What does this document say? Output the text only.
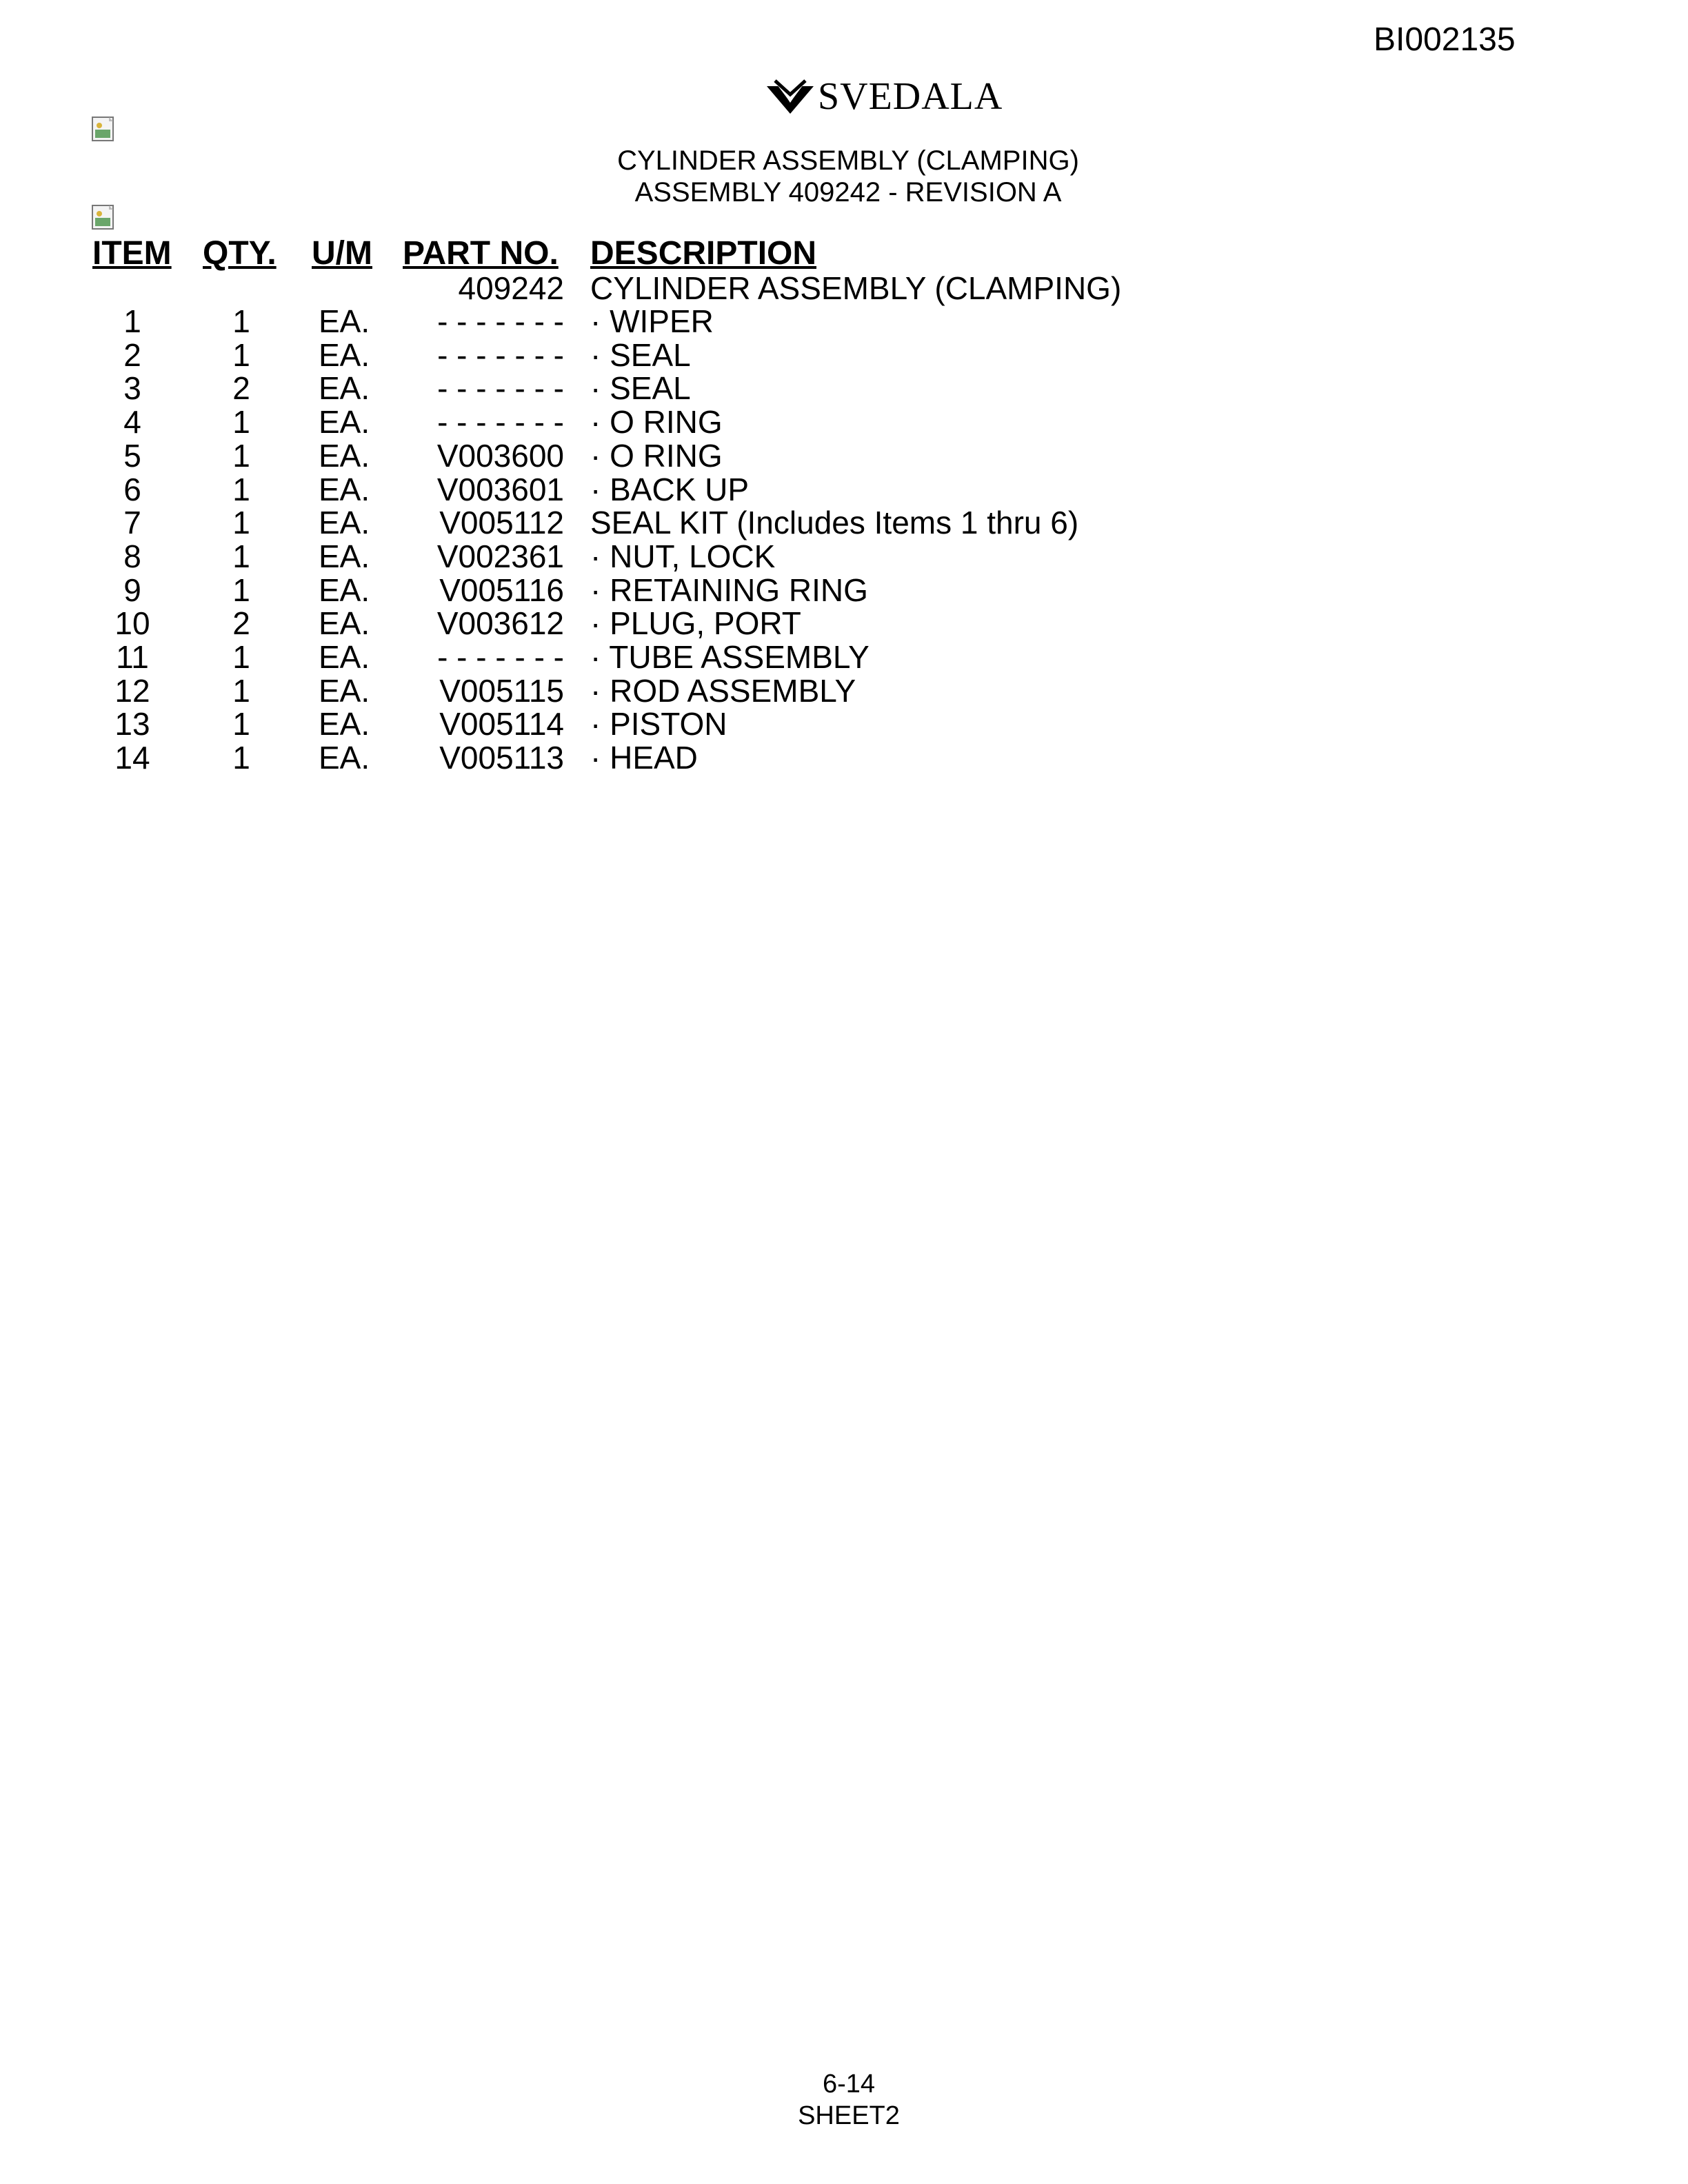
BI002135
SVEDALA
CYLINDER ASSEMBLY (CLAMPING)
ASSEMBLY 409242 - REVISION A
ITEM QTY. U/M PART NO. DESCRIPTION
409242 CYLINDER ASSEMBLY (CLAMPING)
1	1	EA.	- - - - - - - · WIPER
2	1	EA.	- - - - - - - · SEAL
3	2	EA.	- - - - - - - · SEAL
4	1	EA.	- - - - - - - · O RING
5	1	EA.	V003600 · O RING
6	1	EA.	V003601 · BACK UP
7	1	EA.	V005112 SEAL KIT (Includes Items 1 thru 6)
8	1	EA.	V002361 · NUT, LOCK
9	1	EA.	V005116 · RETAINING RING
10	2	EA.	V003612 · PLUG, PORT
11	1	EA.	- - - - - - - · TUBE ASSEMBLY
12	1	EA.	V005115 · ROD ASSEMBLY
13	1	EA.	V005114 · PISTON
14	1	EA.	V005113 · HEAD
6-14
SHEET2
